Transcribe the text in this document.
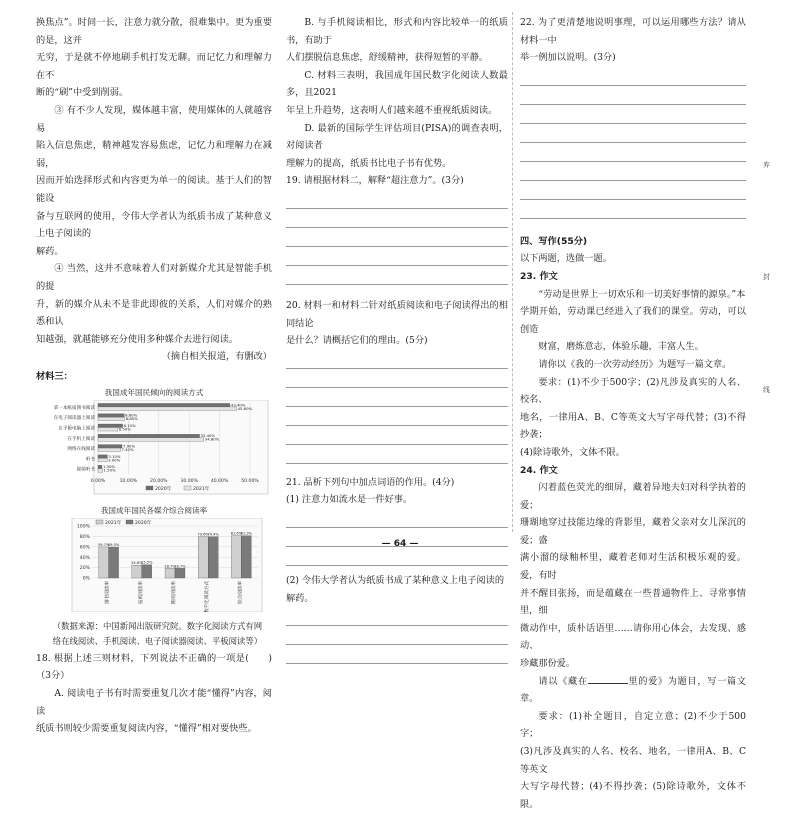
换焦点”。时间一长，注意力就分散，很难集中。更为重要的是，这并

无穷，于是就不停地刷手机打发无聊。而记忆力和理解力在不

断的“刷”中受到削弱。

③ 有不少人发现，媒体越丰富，使用媒体的人就越容易

陷入信息焦虑，精神越发容易焦虑，记忆力和理解力在减弱，

因而开始选择形式和内容更为单一的阅读。基于人们的智能设

备与互联网的使用，令伟大学者认为纸质书成了某种意义上电子阅读的

解药。

④ 当然，这并不意味着人们对新媒介尤其是智能手机的提

升，新的媒介从未不是非此即彼的关系，人们对媒介的熟悉和认

知越强，就越能够充分使用多种媒介去进行阅读。

（摘自相关报道，有删改）

材料三：

我国成年国民倾向的阅读方式
0.00%	10.00%	20.00%	30.00%	40.00%	50.00%
拿一本纸质图书阅读
43.40%
45.60%
在电子阅读器上阅读
8.60%
8.80%
在平板电脑上阅读
8.10%
6.50%
在手机上阅读
33.40%
34.80%
网络在线阅读
7.90%
7.40%
听书
3.10%
3.00%
视频听书
1.30%
1.50%
2020年	2021年
我国成年国民各媒介综合阅读率
0%
20%
40%
60%
80%
100%
59.7%
59.5%
图书阅读率
24.6%
25.5%
报纸阅读率
18.7%
18.7%
期刊阅读率
79.6%
79.4%
数字化阅读方式
81.6%
81.3%
综合阅读率
2021年	2020年

（数据来源：中国新闻出版研究院。数字化阅读方式有网

络在线阅读、手机阅读、电子阅读器阅读、平板阅读等）

18. 根据上述三则材料，下列说法不正确的一项是(　　)（3分）

A. 阅读电子书有时需要重复几次才能“懂得”内容，阅读

纸质书则较少需要重复阅读内容，“懂得”相对要快些。

B. 与手机阅读相比，形式和内容比较单一的纸质书，有助于

人们摆脱信息焦虑，舒缓精神，获得短暂的平静。

C. 材料三表明，我国成年国民数字化阅读人数最多，且2021

年呈上升趋势，这表明人们越来越不重视纸质阅读。

D. 最新的国际学生评估项目(PISA)的调查表明，对阅读者

理解力的提高，纸质书比电子书有优势。

19. 请根据材料二，解释“超注意力”。(3分)

20. 材料一和材料二针对纸质阅读和电子阅读得出的相同结论

是什么？请概括它们的理由。(5分)

21. 品析下列句中加点词语的作用。(4分)

(1) 注意力如流水是一件好事。

(2) 令伟大学者认为纸质书成了某种意义上电子阅读的

解药。

22. 为了更清楚地说明事理，可以运用哪些方法？请从材料一中

举一例加以说明。(3分)

四、写作(55分)

以下两题，选做一题。

23. 作文

“劳动是世界上一切欢乐和一切美好事情的源泉。”本

学期开始，劳动课已经进入了我们的课堂。劳动，可以创造

财富，磨炼意志，体验乐趣，丰富人生。

请你以《我的一次劳动经历》为题写一篇文章。

要求：(1)不少于500字；(2)凡涉及真实的人名、校名、

地名，一律用A、B、C等英文大写字母代替；(3)不得抄袭；

(4)除诗歌外，文体不限。

24. 作文

闪着蓝色荧光的细屏，藏着异地夫妇对科学执着的爱；

珊瑚地穿过技能边缘的背影里，藏着父亲对女儿深沉的爱；盛

满小溜的绿釉杯里，藏着老师对生活积极乐观的爱。爱，有时

并不醒目张扬，而是蕴藏在一些普通物件上、寻常事情里，细

微动作中，质朴话语里……请你用心体会，去发现、感动、

珍藏那份爱。

请以《藏在	里的爱》为题目，写一篇文章。

要求：(1)补全题目，自定立意；(2)不少于500字；

(3)凡涉及真实的人名、校名、地名，一律用A、B、C等英文

大写字母代替；(4)不得抄袭；(5)除诗歌外，文体不限。

弃
封
线
— 64 —
